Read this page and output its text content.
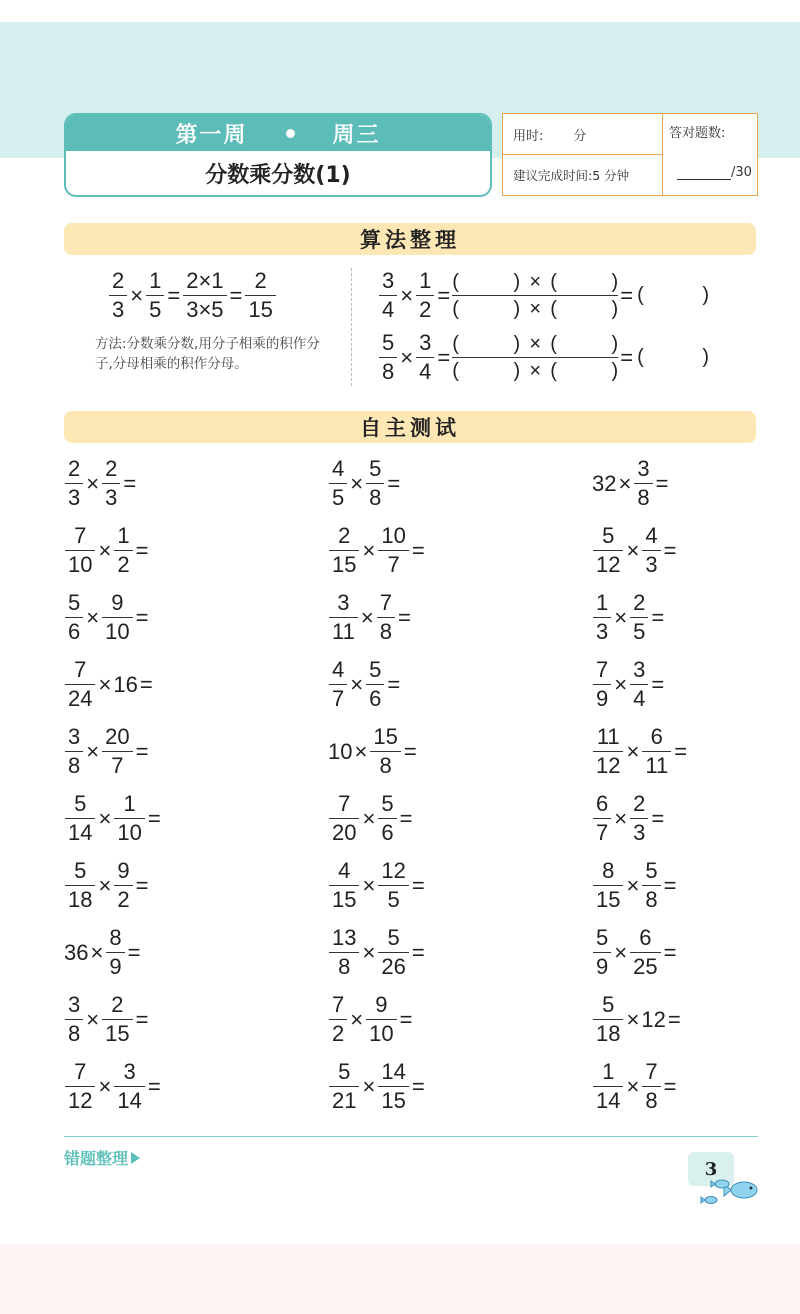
第一周	周三
分数乘分数(1)
用时: 分
建议完成时间:5 分钟
答对题数:
/30
算法整理
$\frac{2}{3} \times \frac{1}{5} = \frac{2\times 1}{3\times 5} = \frac{2}{15}$
方法:分数乘分数,用分子相乘的积作分子,分母相乘的积作分母。
$\frac{3}{4} \times \frac{1}{2}$ = (	) × (	)
(	) × (	) = (	)
$\frac{5}{8} \times \frac{3}{4}$ = (	) × (	)
(	) × (	) = (	)
自主测试
$\frac{2}{3} \times \frac{2}{3}$ =	$\frac{4}{5} \times \frac{5}{8}$ =	$32 \times \frac{3}{8}$ =
$\frac{7}{10} \times \frac{1}{2}$ =	$\frac{2}{15} \times \frac{10}{7}$ =	$\frac{5}{12} \times \frac{4}{3}$ =
$\frac{5}{6} \times \frac{9}{10}$ =	$\frac{3}{11} \times \frac{7}{8}$ =	$\frac{1}{3} \times \frac{2}{5}$ =
$\frac{7}{24} \times 16$ =	$\frac{4}{7} \times \frac{5}{6}$ =	$\frac{7}{9} \times \frac{3}{4}$ =
$\frac{3}{8} \times \frac{20}{7}$ =	$10 \times \frac{15}{8}$ =	$\frac{11}{12} \times \frac{6}{11}$ =
$\frac{5}{14} \times \frac{1}{10}$ =	$\frac{7}{20} \times \frac{5}{6}$ =	$\frac{6}{7} \times \frac{2}{3}$ =
$\frac{5}{18} \times \frac{9}{2}$ =	$\frac{4}{15} \times \frac{12}{5}$ =	$\frac{8}{15} \times \frac{5}{8}$ =
$36 \times \frac{8}{9}$ =	$\frac{13}{8} \times \frac{5}{26}$ =	$\frac{5}{9} \times \frac{6}{25}$ =
$\frac{3}{8} \times \frac{2}{15}$ =	$\frac{7}{2} \times \frac{9}{10}$ =	$\frac{5}{18} \times 12$ =
$\frac{7}{12} \times \frac{3}{14}$ =	$\frac{5}{21} \times \frac{14}{15}$ =	$\frac{1}{14} \times \frac{7}{8}$ =
错题整理	3
